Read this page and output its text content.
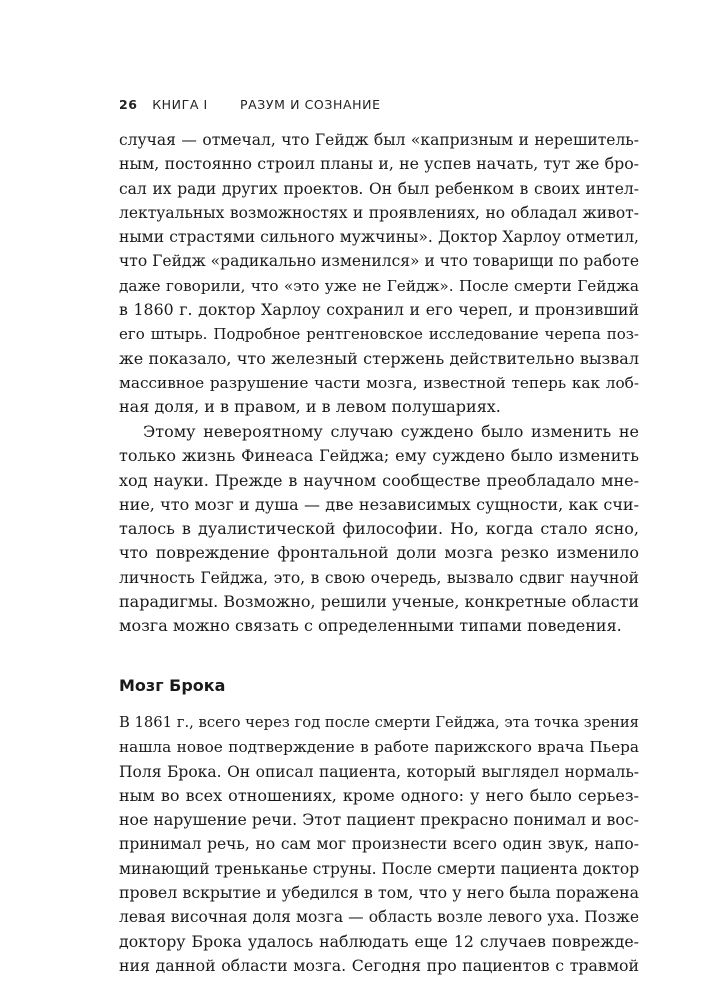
26 КНИГА I	РАЗУМ И СОЗНАНИЕ
случая — отмечал, что Гейдж был «капризным и нерешитель-
ным, постоянно строил планы и, не успев начать, тут же бро-
сал их ради других проектов. Он был ребенком в своих интел-
лектуальных возможностях и проявлениях, но обладал живот-
ными страстями сильного мужчины». Доктор Харлоу отметил,
что Гейдж «радикально изменился» и что товарищи по работе
даже говорили, что «это уже не Гейдж». После смерти Гейджа
в 1860 г. доктор Харлоу сохранил и его череп, и пронзивший
его штырь. Подробное рентгеновское исследование черепа поз-
же показало, что железный стержень действительно вызвал
массивное разрушение части мозга, известной теперь как лоб-
ная доля, и в правом, и в левом полушариях.
Этому невероятному случаю суждено было изменить не
только жизнь Финеаса Гейджа; ему суждено было изменить
ход науки. Прежде в научном сообществе преобладало мне-
ние, что мозг и душа — две независимых сущности, как счи-
талось в дуалистической философии. Но, когда стало ясно,
что повреждение фронтальной доли мозга резко изменило
личность Гейджа, это, в свою очередь, вызвало сдвиг научной
парадигмы. Возможно, решили ученые, конкретные области
мозга можно связать с определенными типами поведения.
Мозг Брока
В 1861 г., всего через год после смерти Гейджа, эта точка зрения
нашла новое подтверждение в работе парижского врача Пьера
Поля Брока. Он описал пациента, который выглядел нормаль-
ным во всех отношениях, кроме одного: у него было серьез-
ное нарушение речи. Этот пациент прекрасно понимал и вос-
принимал речь, но сам мог произнести всего один звук, напо-
минающий треньканье струны. После смерти пациента доктор
провел вскрытие и убедился в том, что у него была поражена
левая височная доля мозга — область возле левого уха. Позже
доктору Брока удалось наблюдать еще 12 случаев поврежде-
ния данной области мозга. Сегодня про пациентов с травмой
